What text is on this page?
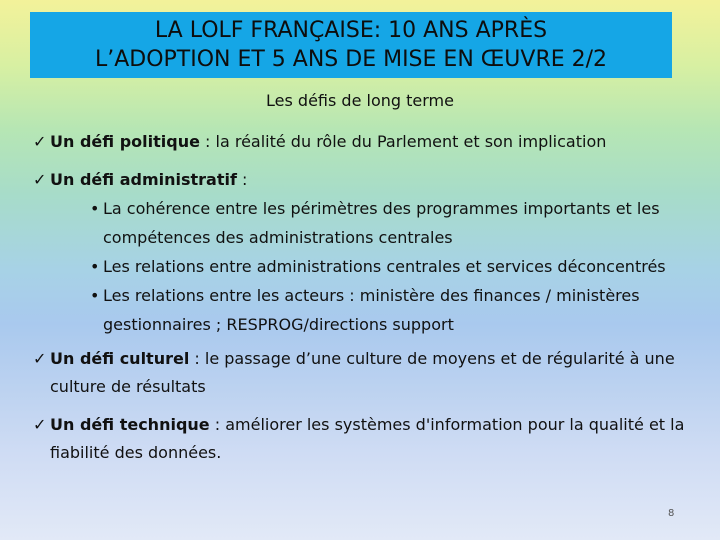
LA LOLF FRANÇAISE: 10 ANS APRÈS
L’ADOPTION ET 5 ANS DE MISE EN ŒUVRE 2/2
Les défis de long terme
✓ Un défi politique : la réalité du rôle du Parlement et son implication
✓ Un défi administratif :
• La cohérence entre les périmètres des programmes importants et les compétences des administrations centrales
• Les relations entre administrations centrales et services déconcentrés
• Les relations entre les acteurs : ministère des finances / ministères gestionnaires ; RESPROG/directions support
✓ Un défi culturel : le passage d’une culture de moyens et de régularité à une culture de résultats
✓ Un défi technique : améliorer les systèmes d'information pour la qualité et la fiabilité des données.
8
